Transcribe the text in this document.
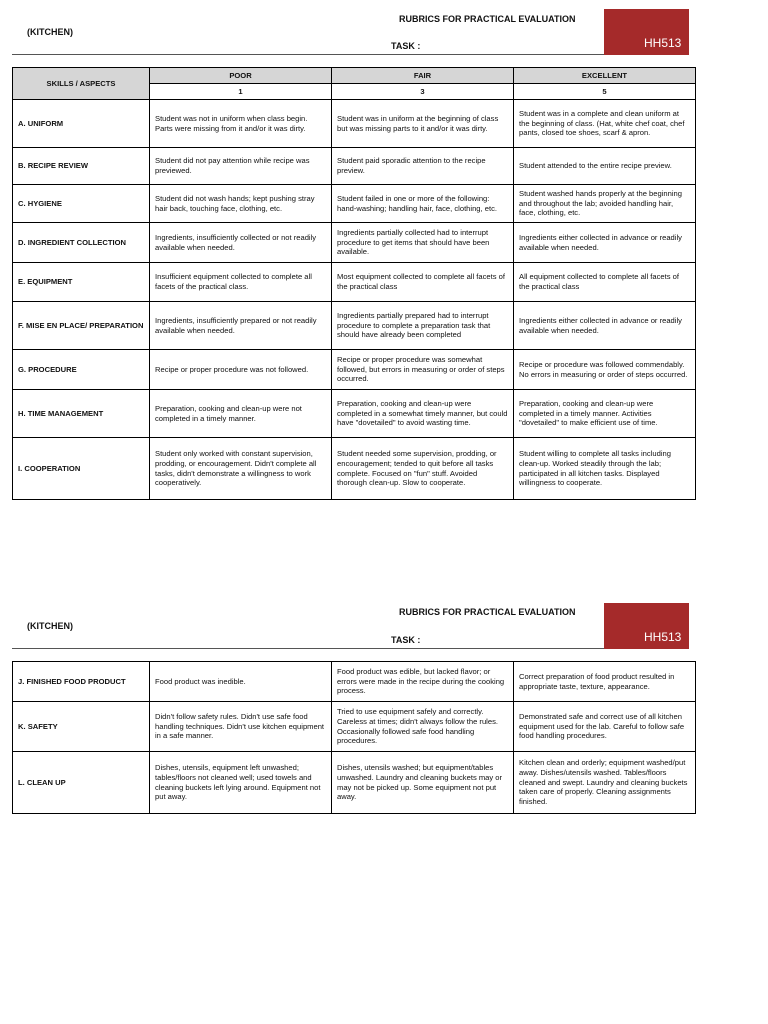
(KITCHEN)
RUBRICS FOR PRACTICAL EVALUATION
TASK :	HH513
SKILLS / ASPECTS	POOR	FAIR	EXCELLENT
	1	3	5
A. UNIFORM	Student was not in uniform when class begin. Parts were missing from it and/or it was dirty.	Student was in uniform at the beginning of class but was missing parts to it and/or it was dirty.	Student was in a complete and clean uniform at the beginning of class. (Hat, white chef coat, chef pants, closed toe shoes, scarf & apron.
B. RECIPE REVIEW	Student did not pay attention while recipe was previewed.	Student paid sporadic attention to the recipe preview.	Student attended to the entire recipe preview.
C. HYGIENE	Student did not wash hands; kept pushing stray hair back, touching face, clothing, etc.	Student failed in one or more of the following: hand-washing; handling hair, face, clothing, etc.	Student washed hands properly at the beginning and throughout the lab; avoided handling hair, face, clothing, etc.
D. INGREDIENT COLLECTION	Ingredients, insufficiently collected or not readily available when needed.	Ingredients partially collected had to interrupt procedure to get items that should have been available.	Ingredients either collected in advance or readily available when needed.
E. EQUIPMENT	Insufficient equipment collected to complete all facets of the practical class.	Most equipment collected to complete all facets of the practical class	All equipment collected to complete all facets of the practical class
F. MISE EN PLACE/ PREPARATION	Ingredients, insufficiently prepared or not readily available when needed.	Ingredients partially prepared had to interrupt procedure to complete a preparation task that should have already been completed	Ingredients either collected in advance or readily available when needed.
G. PROCEDURE	Recipe or proper procedure was not followed.	Recipe or proper procedure was somewhat followed, but errors in measuring or order of steps occurred.	Recipe or procedure was followed commendably. No errors in measuring or order of steps occurred.
H. TIME MANAGEMENT	Preparation, cooking and clean-up were not completed in a timely manner.	Preparation, cooking and clean-up were completed in a somewhat timely manner, but could have "dovetailed" to avoid wasting time.	Preparation, cooking and clean-up were completed in a timely manner. Activities "dovetailed" to make efficient use of time.
I. COOPERATION	Student only worked with constant supervision, prodding, or encouragement. Didn't complete all tasks, didn't demonstrate a willingness to work cooperatively.	Student needed some supervision, prodding, or encouragement; tended to quit before all tasks complete. Focused on "fun" stuff. Avoided thorough clean-up. Slow to cooperate.	Student willing to complete all tasks including clean-up. Worked steadily through the lab; participated in all kitchen tasks. Displayed willingness to cooperate.
(KITCHEN)
RUBRICS FOR PRACTICAL EVALUATION
TASK :	HH513
J. FINISHED FOOD PRODUCT	Food product was inedible.	Food product was edible, but lacked flavor; or errors were made in the recipe during the cooking process.	Correct preparation of food product resulted in appropriate taste, texture, appearance.
K. SAFETY	Didn't follow safety rules. Didn't use safe food handling techniques. Didn't use kitchen equipment in a safe manner.	Tried to use equipment safely and correctly. Careless at times; didn't always follow the rules. Occasionally followed safe food handling procedures.	Demonstrated safe and correct use of all kitchen equipment used for the lab. Careful to follow safe food handling procedures.
L. CLEAN UP	Dishes, utensils, equipment left unwashed; tables/floors not cleaned well; used towels and cleaning buckets left lying around. Equipment not put away.	Dishes, utensils washed; but equipment/tables unwashed. Laundry and cleaning buckets may or may not be picked up. Some equipment not put away.	Kitchen clean and orderly; equipment washed/put away. Dishes/utensils washed. Tables/floors cleaned and swept. Laundry and cleaning buckets taken care of properly. Cleaning assignments finished.
